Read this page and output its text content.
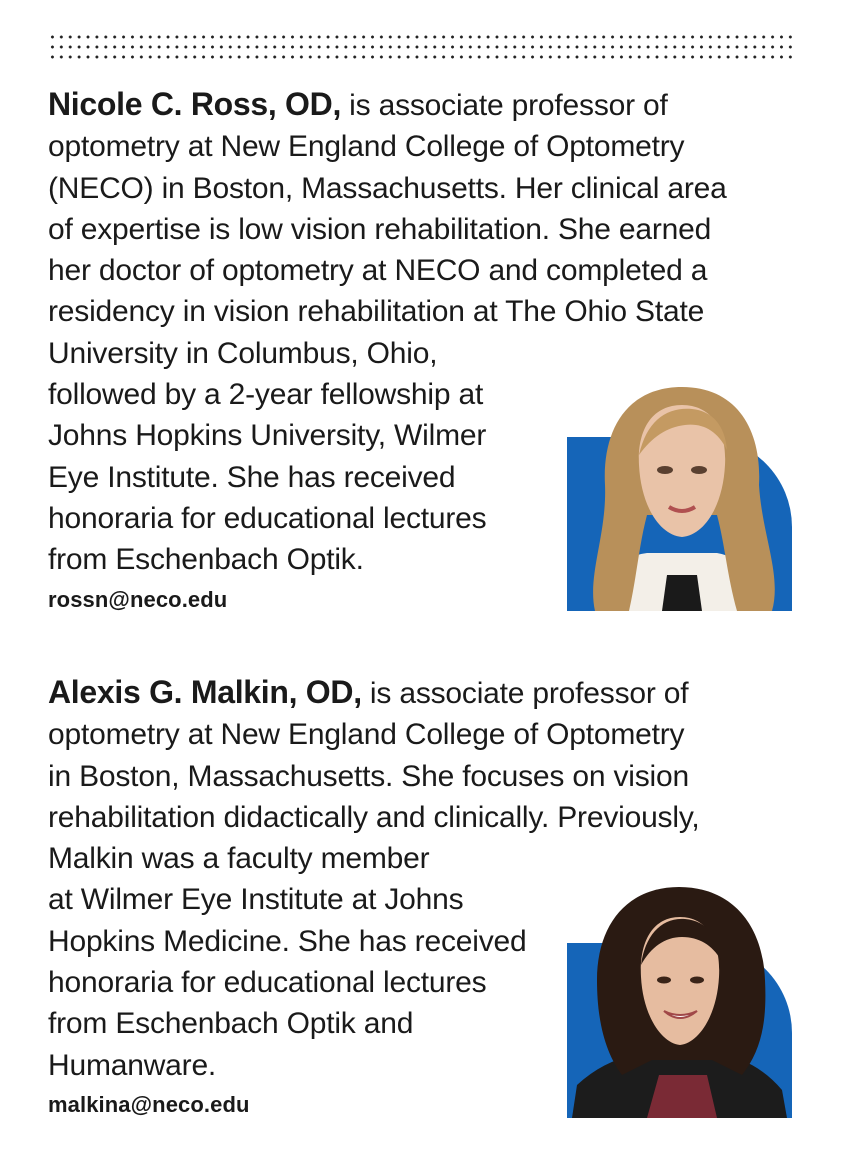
Nicole C. Ross, OD, is associate professor of
optometry at New England College of Optometry
(NECO) in Boston, Massachusetts. Her clinical area
of expertise is low vision rehabilitation. She earned
her doctor of optometry at NECO and completed a
residency in vision rehabilitation at The Ohio State
University in Columbus, Ohio,
followed by a 2-year fellowship at
Johns Hopkins University, Wilmer
Eye Institute. She has received
honoraria for educational lectures
from Eschenbach Optik.
rossn@neco.edu
Alexis G. Malkin, OD, is associate professor of
optometry at New England College of Optometry
in Boston, Massachusetts. She focuses on vision
rehabilitation didactically and clinically. Previously,
Malkin was a faculty member
at Wilmer Eye Institute at Johns
Hopkins Medicine. She has received
honoraria for educational lectures
from Eschenbach Optik and
Humanware.
malkina@neco.edu
